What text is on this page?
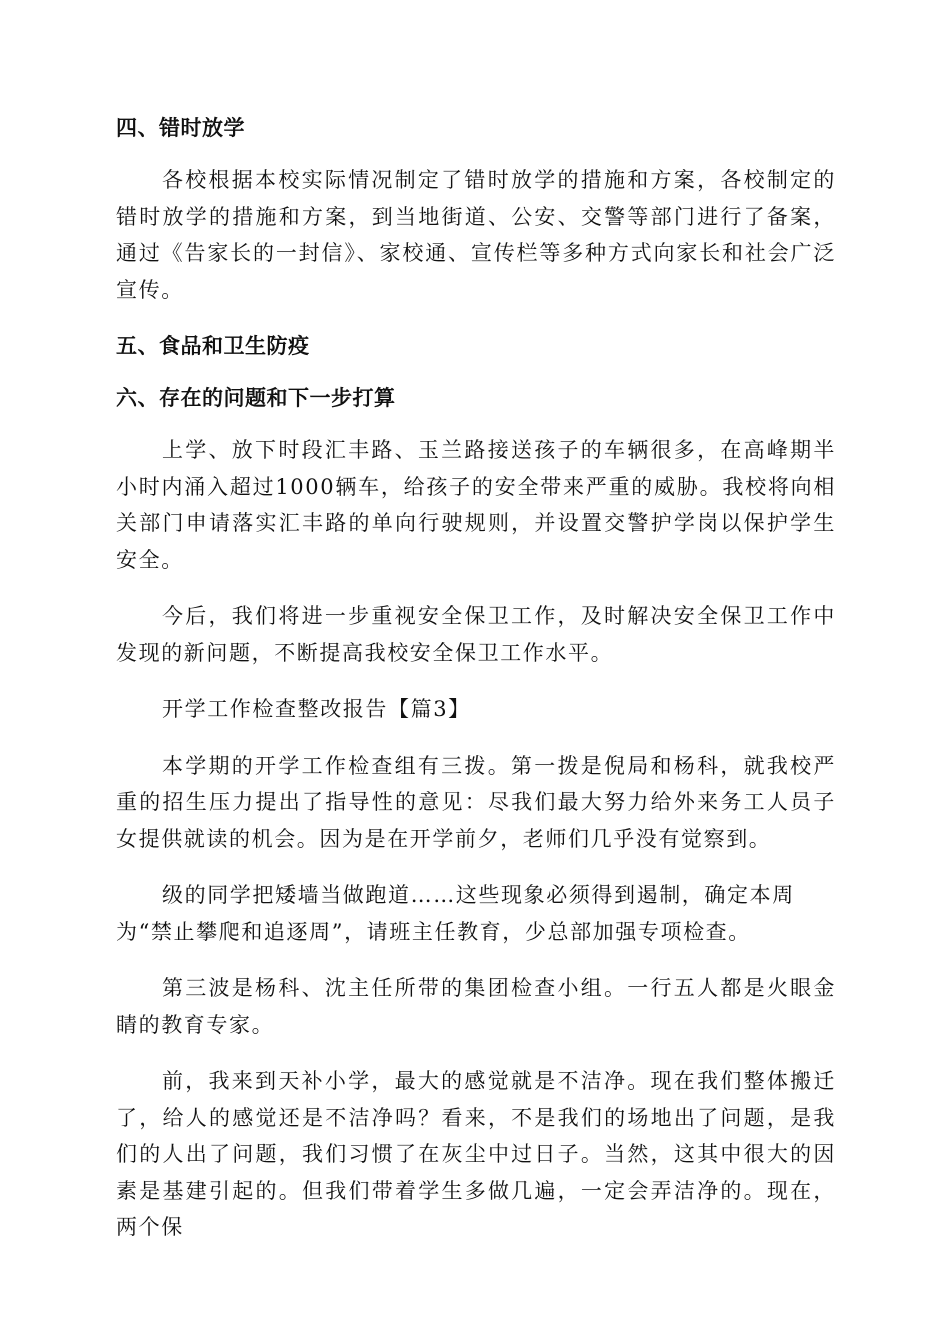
四、错时放学

各校根据本校实际情况制定了错时放学的措施和方案，各校制定的错时放学的措施和方案，到当地街道、公安、交警等部门进行了备案，通过《告家长的一封信》、家校通、宣传栏等多种方式向家长和社会广泛宣传。

五、食品和卫生防疫

六、存在的问题和下一步打算

上学、放下时段汇丰路、玉兰路接送孩子的车辆很多，在高峰期半小时内涌入超过1000辆车，给孩子的安全带来严重的威胁。我校将向相关部门申请落实汇丰路的单向行驶规则，并设置交警护学岗以保护学生安全。

今后，我们将进一步重视安全保卫工作，及时解决安全保卫工作中发现的新问题，不断提高我校安全保卫工作水平。

开学工作检查整改报告【篇3】

本学期的开学工作检查组有三拨。第一拨是倪局和杨科，就我校严重的招生压力提出了指导性的意见：尽我们最大努力给外来务工人员子女提供就读的机会。因为是在开学前夕，老师们几乎没有觉察到。

级的同学把矮墙当做跑道……这些现象必须得到遏制，确定本周

为“禁止攀爬和追逐周”，请班主任教育，少总部加强专项检查。

第三波是杨科、沈主任所带的集团检查小组。一行五人都是火眼金睛的教育专家。

前，我来到天补小学，最大的感觉就是不洁净。现在我们整体搬迁了，给人的感觉还是不洁净吗？看来，不是我们的场地出了问题，是我们的人出了问题，我们习惯了在灰尘中过日子。当然，这其中很大的因素是基建引起的。但我们带着学生多做几遍，一定会弄洁净的。现在，两个保
